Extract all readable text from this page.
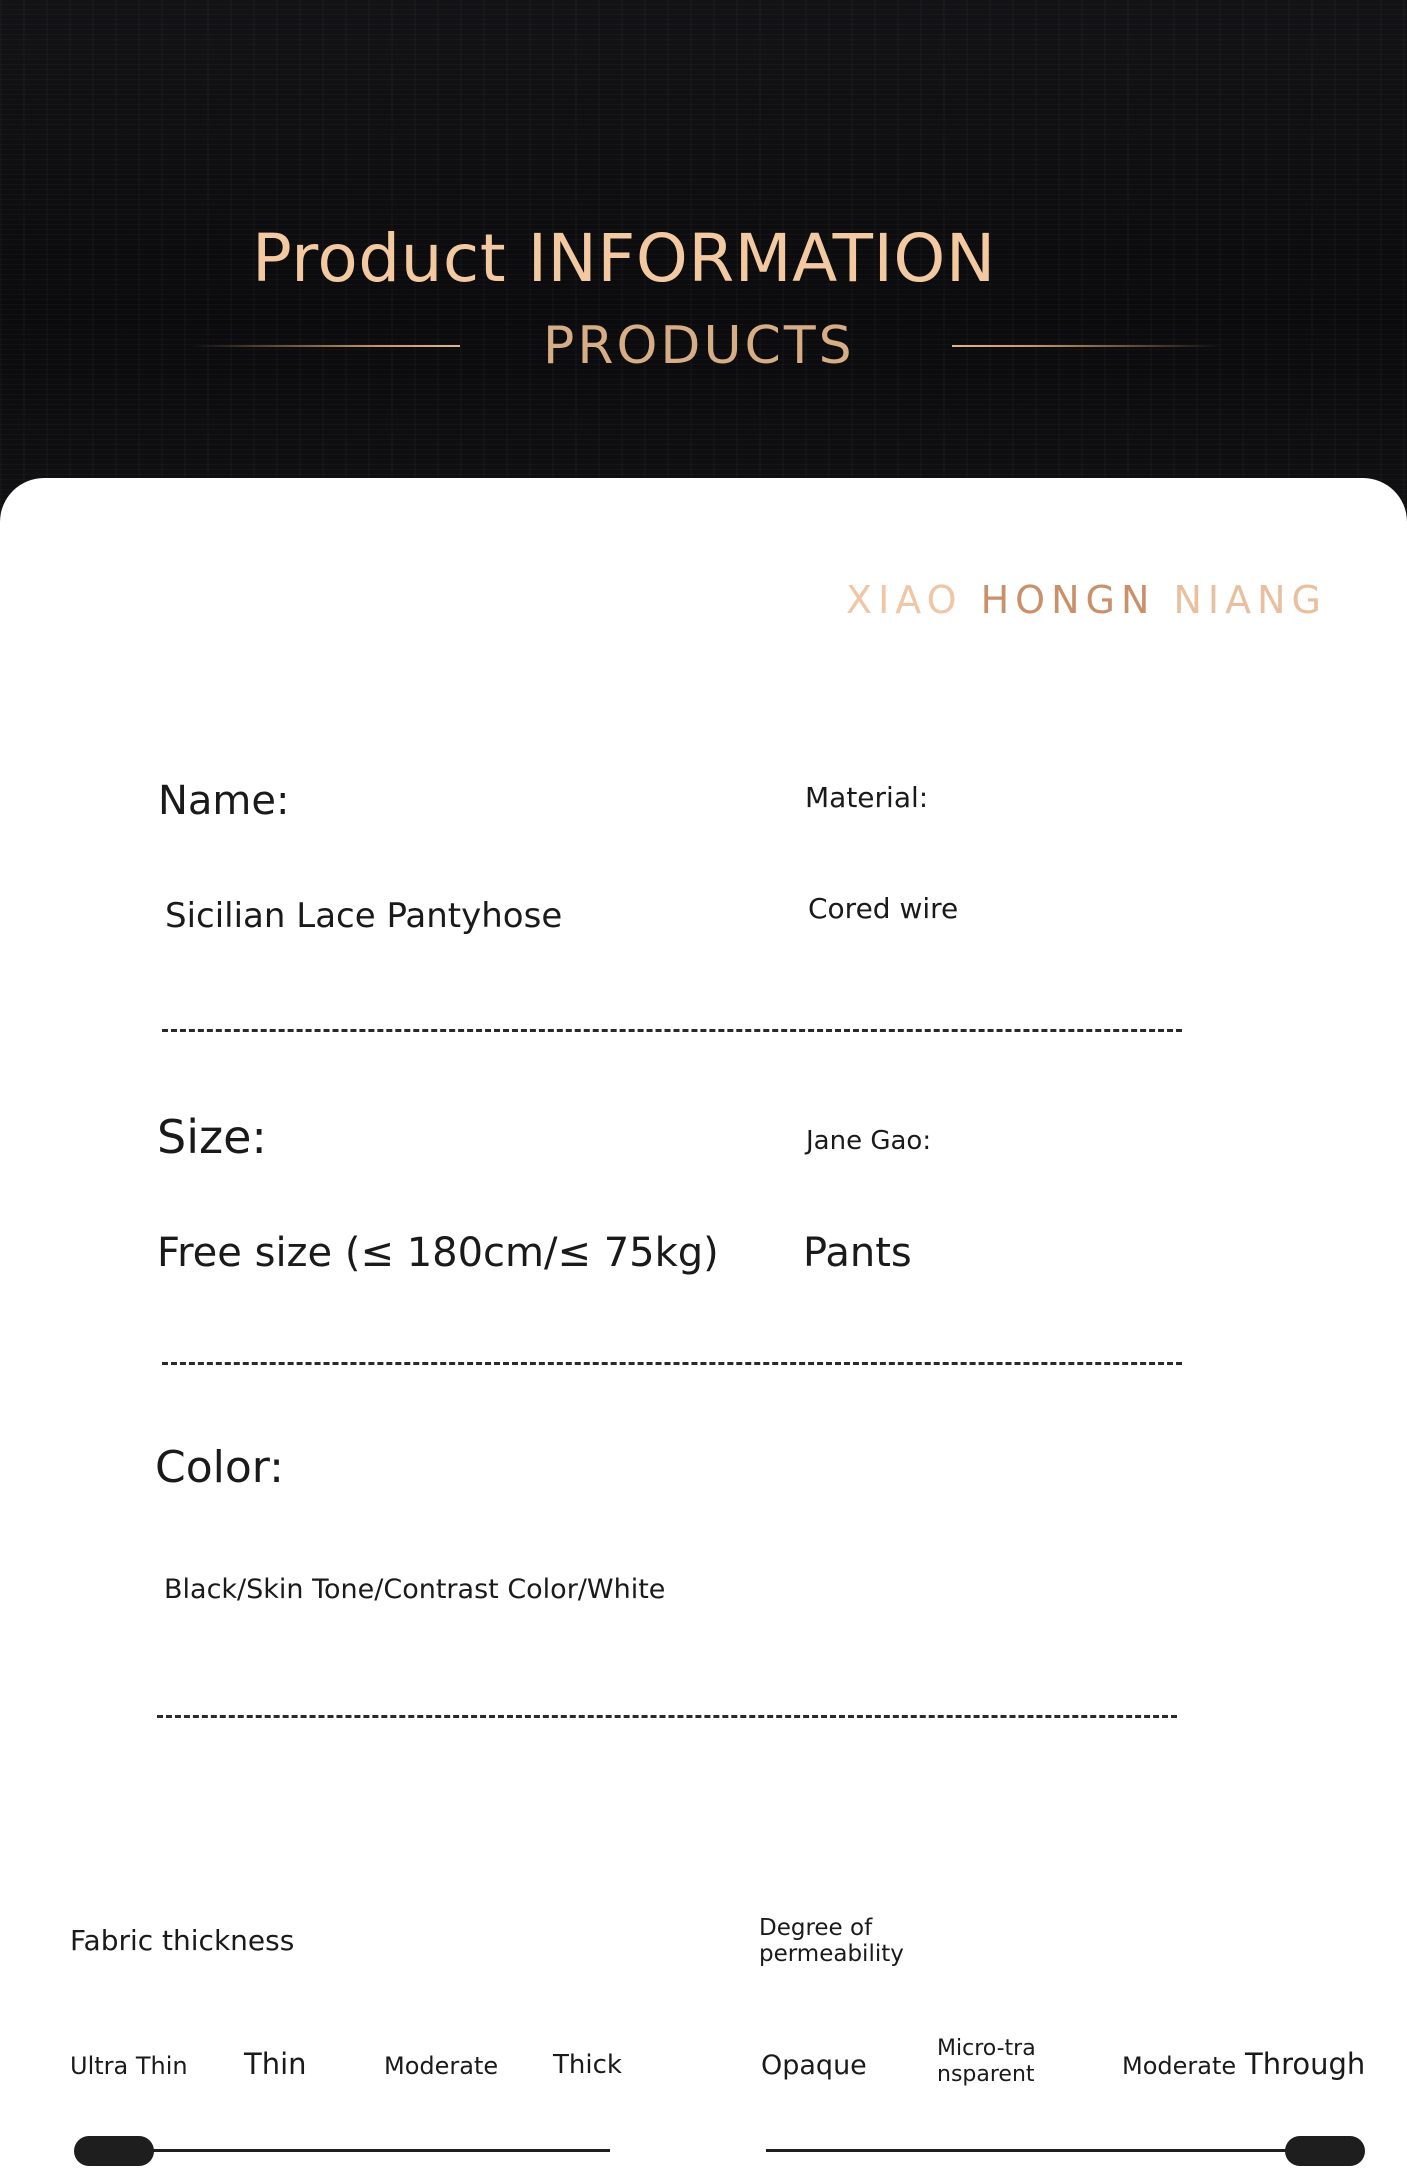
Product INFORMATION
PRODUCTS
XIAO HONGN NIANG
Name:
Sicilian Lace Pantyhose
Material:
Cored wire
Size:
Free size (≤ 180cm/≤ 75kg)
Jane Gao:
Pants
Color:
Black/Skin Tone/Contrast Color/White
Fabric thickness
Ultra Thin Thin	Moderate Thick
Degree of
permeability
Opaque
Micro-tra
nsparent	Moderate Through
